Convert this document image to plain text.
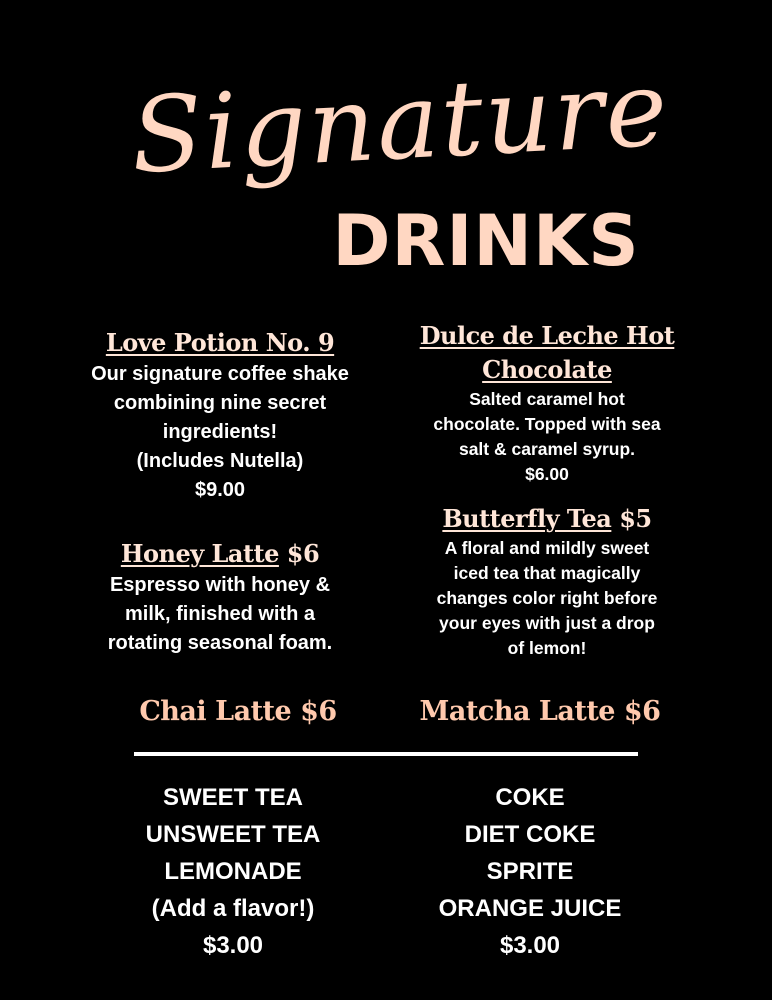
Signature
DRINKS
Love Potion No. 9
Our signature coffee shake
combining nine secret
ingredients!
(Includes Nutella)
$9.00
Honey Latte $6
Espresso with honey &
milk, finished with a
rotating seasonal foam.
Dulce de Leche Hot
Chocolate
Salted caramel hot
chocolate. Topped with sea
salt & caramel syrup.
$6.00
Butterfly Tea $5
A floral and mildly sweet
iced tea that magically
changes color right before
your eyes with just a drop
of lemon!
Chai Latte $6	Matcha Latte $6
SWEET TEA
UNSWEET TEA
LEMONADE
(Add a flavor!)
$3.00
COKE
DIET COKE
SPRITE
ORANGE JUICE
$3.00
